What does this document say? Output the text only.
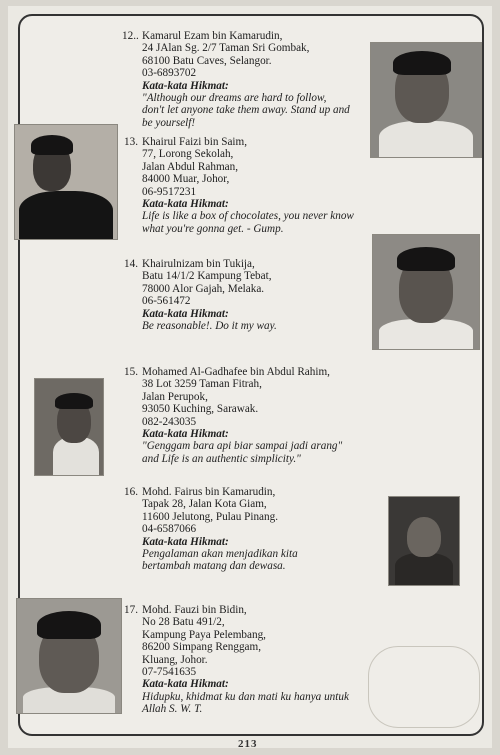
12.. Kamarul Ezam bin Kamarudin,
24 JAlan Sg. 2/7 Taman Sri Gombak,
68100 Batu Caves, Selangor.
03-6893702
Kata-kata Hikmat:
"Although our dreams are hard to follow,
don't let anyone take them away. Stand up and
be yourself!
13. Khairul Faizi bin Saim,
77, Lorong Sekolah,
Jalan Abdul Rahman,
84000 Muar, Johor,
06-9517231
Kata-kata Hikmat:
Life is like a box of chocolates, you never know
what you're gonna get. - Gump.
14. Khairulnizam bin Tukija,
Batu 14/1/2 Kampung Tebat,
78000 Alor Gajah, Melaka.
06-561472
Kata-kata Hikmat:
Be reasonable!. Do it my way.
15. Mohamed Al-Gadhafee bin Abdul Rahim,
38 Lot 3259 Taman Fitrah,
Jalan Perupok,
93050 Kuching, Sarawak.
082-243035
Kata-kata Hikmat:
"Genggam bara api biar sampai jadi arang"
and Life is an authentic simplicity."
16. Mohd. Fairus bin Kamarudin,
Tapak 28, Jalan Kota Giam,
11600 Jelutong, Pulau Pinang.
04-6587066
Kata-kata Hikmat:
Pengalaman akan menjadikan kita
bertambah matang dan dewasa.
17. Mohd. Fauzi bin Bidin,
No 28 Batu 491/2,
Kampung Paya Pelembang,
86200 Simpang Renggam,
Kluang, Johor.
07-7541635
Kata-kata Hikmat:
Hidupku, khidmat ku dan mati ku hanya untuk
Allah S. W. T.
213
